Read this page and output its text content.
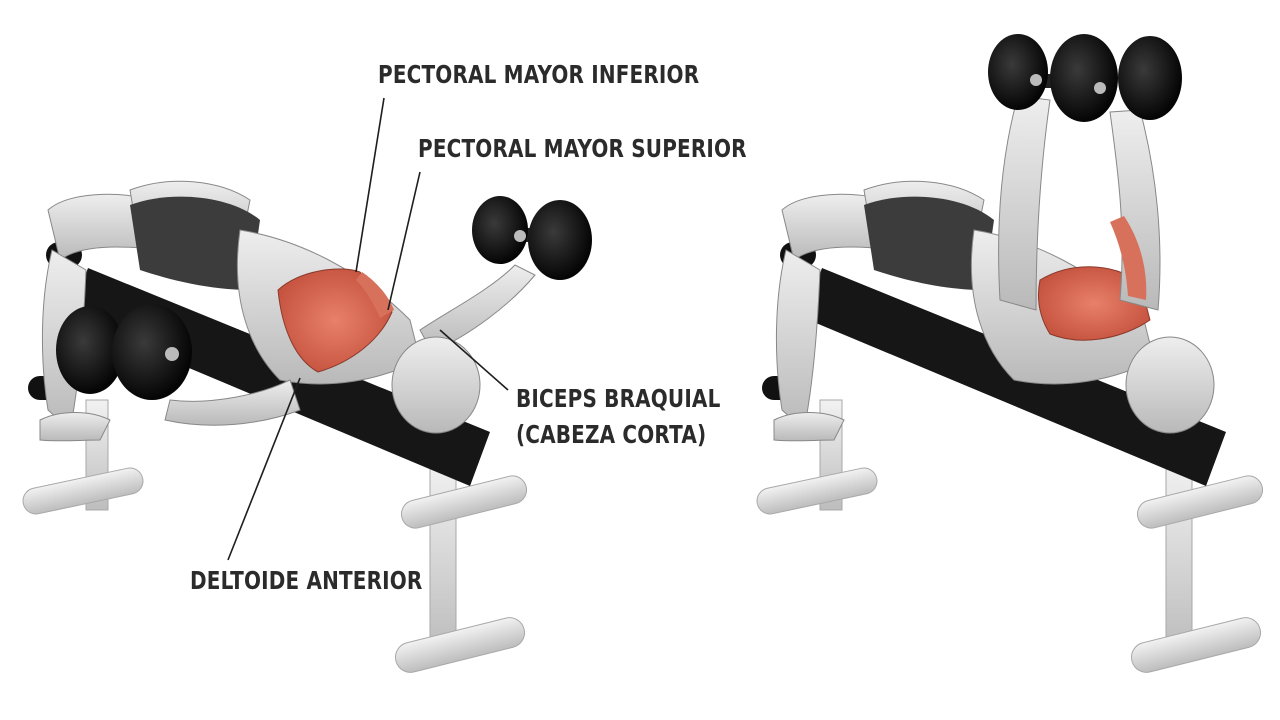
PECTORAL MAYOR INFERIOR
PECTORAL MAYOR SUPERIOR
BICEPS BRAQUIAL
(CABEZA CORTA)
DELTOIDE ANTERIOR
